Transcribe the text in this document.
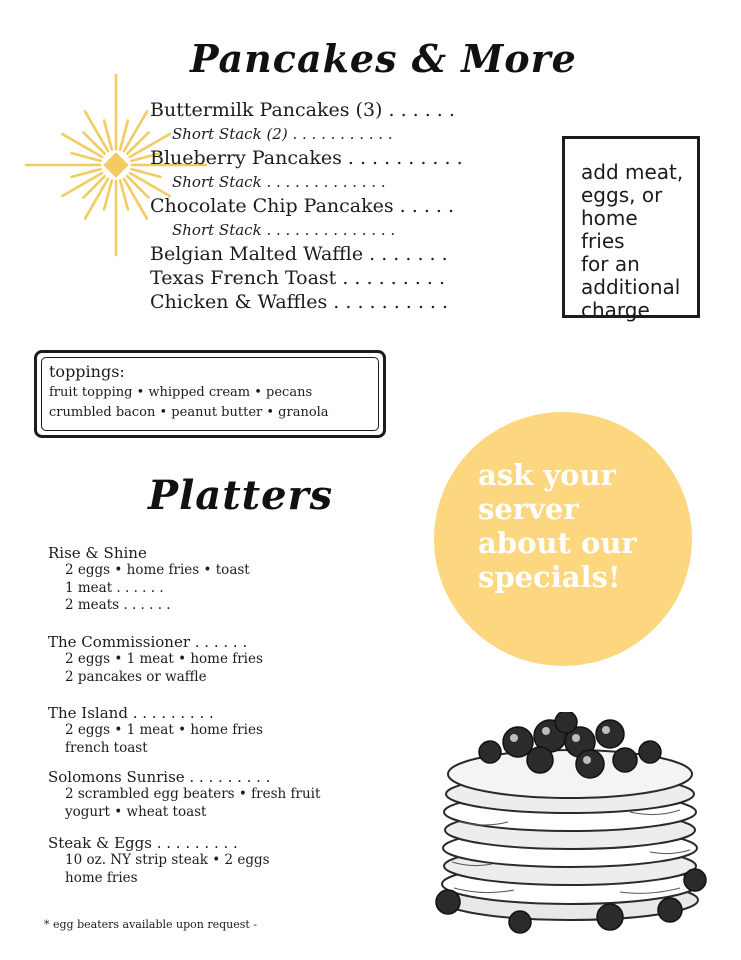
Pancakes & More
Buttermilk Pancakes (3) . . . . . .
Short Stack (2) . . . . . . . . . . .
Blueberry Pancakes . . . . . . . . . .
Short Stack . . . . . . . . . . . . .
Chocolate Chip Pancakes . . . . .
Short Stack . . . . . . . . . . . . . .
Belgian Malted Waffle . . . . . . .
Texas French Toast . . . . . . . . .
Chicken & Waffles . . . . . . . . . .
add meat,
eggs, or
home fries
for an
additional
charge
toppings:
fruit topping • whipped cream • pecans
crumbled bacon • peanut butter • granola
ask your
server
about our
specials!
Platters
Rise & Shine
2 eggs • home fries • toast
1 meat . . . . . .
2 meats . . . . . .
The Commissioner . . . . . .
2 eggs • 1 meat • home fries
2 pancakes or waffle
The Island . . . . . . . . .
2 eggs • 1 meat • home fries
french toast
Solomons Sunrise . . . . . . . . .
2 scrambled egg beaters • fresh fruit
yogurt • wheat toast
Steak & Eggs . . . . . . . . .
10 oz. NY strip steak • 2 eggs
home fries
* egg beaters available upon request -
